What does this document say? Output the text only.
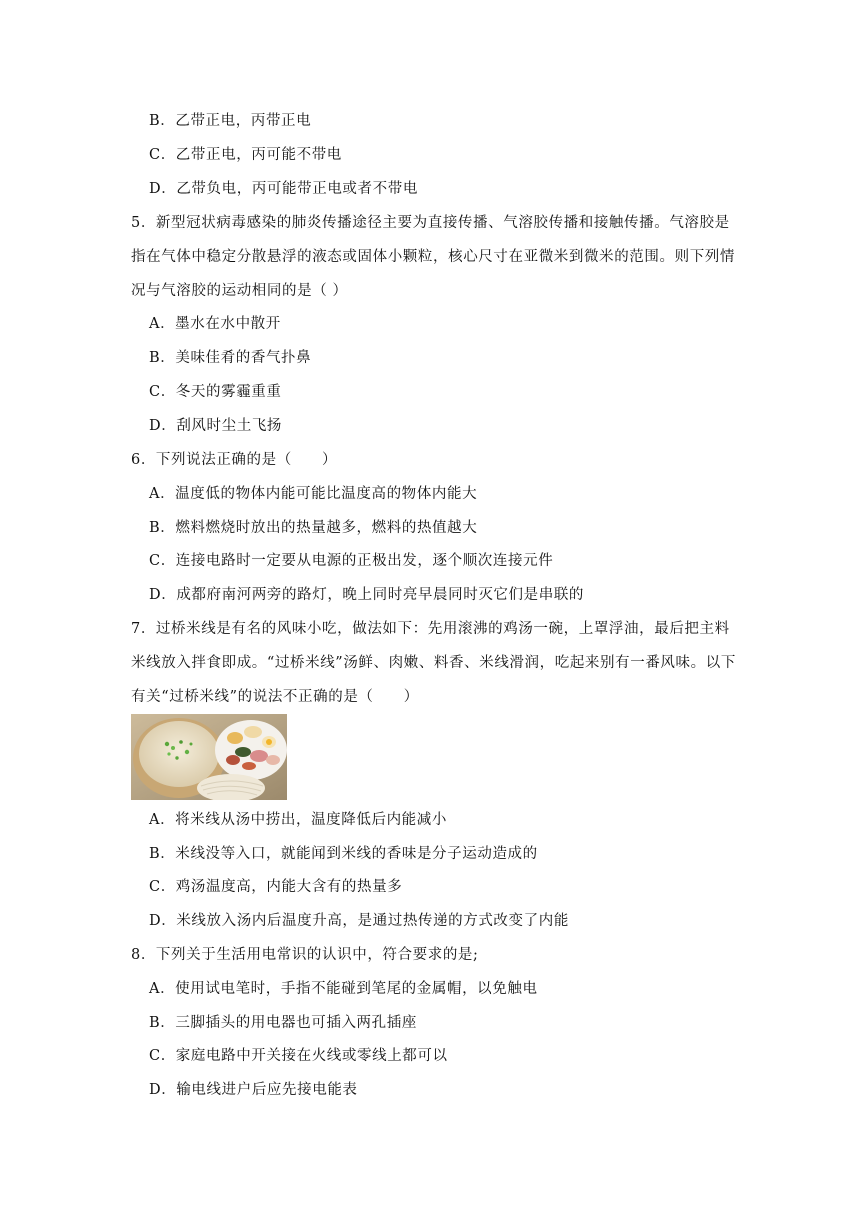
B．乙带正电，丙带正电
C．乙带正电，丙可能不带电
D．乙带负电，丙可能带正电或者不带电
5．新型冠状病毒感染的肺炎传播途径主要为直接传播、气溶胶传播和接触传播。气溶胶是
指在气体中稳定分散悬浮的液态或固体小颗粒，核心尺寸在亚微米到微米的范围。则下列情
况与气溶胶的运动相同的是（ ）
A．墨水在水中散开
B．美味佳肴的香气扑鼻
C．冬天的雾霾重重
D．刮风时尘土飞扬
6．下列说法正确的是（　　）
A．温度低的物体内能可能比温度高的物体内能大
B．燃料燃烧时放出的热量越多，燃料的热值越大
C．连接电路时一定要从电源的正极出发，逐个顺次连接元件
D．成都府南河两旁的路灯，晚上同时亮早晨同时灭它们是串联的
7．过桥米线是有名的风味小吃，做法如下：先用滚沸的鸡汤一碗，上罩浮油，最后把主料
米线放入拌食即成。“过桥米线”汤鲜、肉嫩、料香、米线滑润，吃起来别有一番风味。以下
有关“过桥米线”的说法不正确的是（　　）
A．将米线从汤中捞出，温度降低后内能减小
B．米线没等入口，就能闻到米线的香味是分子运动造成的
C．鸡汤温度高，内能大含有的热量多
D．米线放入汤内后温度升高，是通过热传递的方式改变了内能
8．下列关于生活用电常识的认识中，符合要求的是;
A．使用试电笔时，手指不能碰到笔尾的金属帽，以免触电
B．三脚插头的用电器也可插入两孔插座
C．家庭电路中开关接在火线或零线上都可以
D．输电线进户后应先接电能表
